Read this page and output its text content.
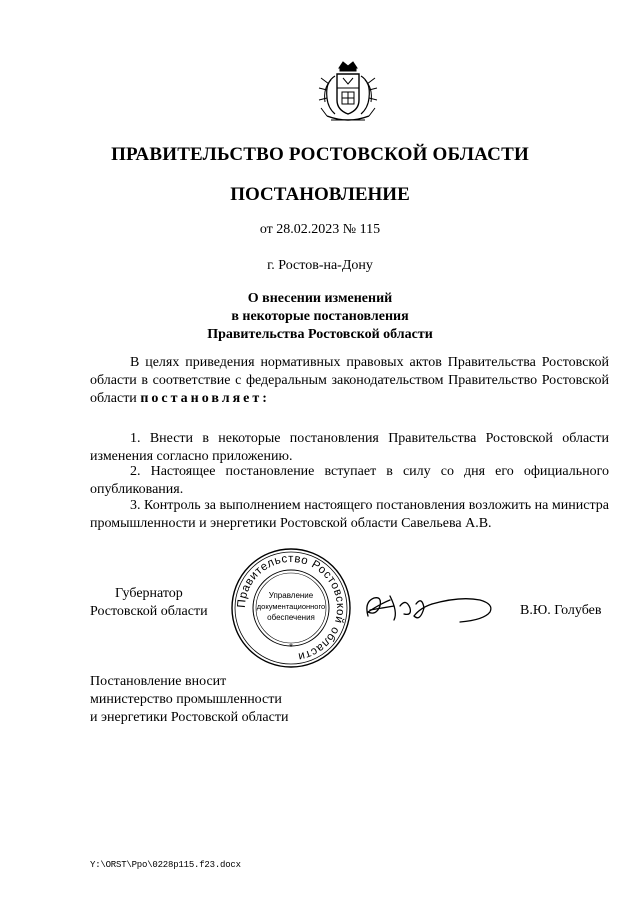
ПРАВИТЕЛЬСТВО РОСТОВСКОЙ ОБЛАСТИ
ПОСТАНОВЛЕНИЕ
от 28.02.2023 № 115
г. Ростов-на-Дону
О внесении изменений
в некоторые постановления
Правительства Ростовской области
В целях приведения нормативных правовых актов Правительства Ростовской области в соответствие с федеральным законодательством Правительство Ростовской области постановляет:
1. Внести в некоторые постановления Правительства Ростовской области изменения согласно приложению.
2. Настоящее постановление вступает в силу со дня его официального опубликования.
3. Контроль за выполнением настоящего постановления возложить на министра промышленности и энергетики Ростовской области Савельева А.В.
Губернатор
Ростовской области
Правительство Ростовской области
*
Управление
документационного
обеспечения	В.Ю. Голубев
Постановление вносит
министерство промышленности
и энергетики Ростовской области
Y:\ORST\Ppo\0228p115.f23.docx
